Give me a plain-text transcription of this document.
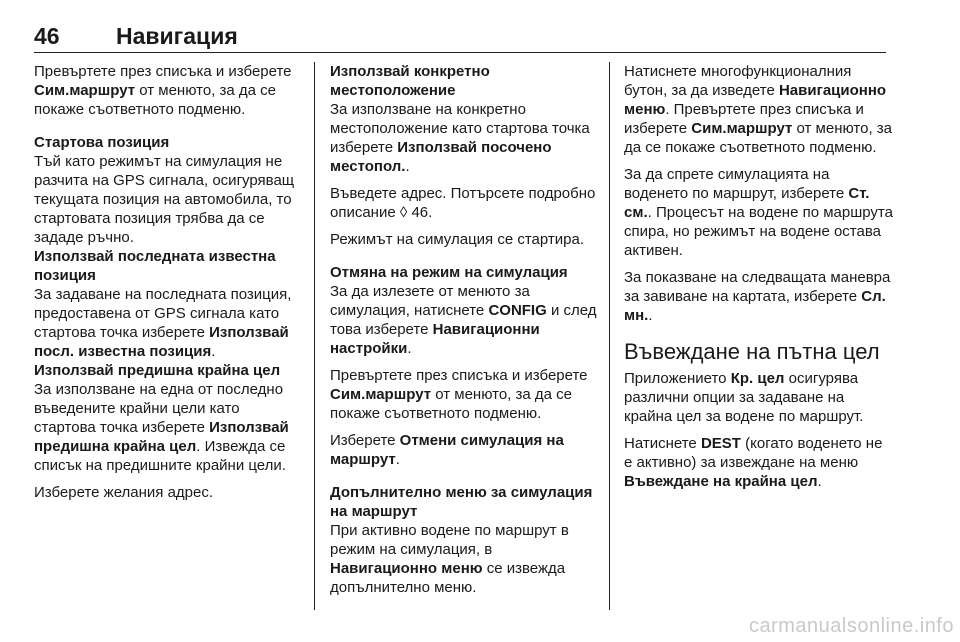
46 Навигация

Превъртете през списъка и изберете Сим.маршрут от менюто, за да се покаже съответното подменю.

Стартова позиция

Тъй като режимът на симулация не разчита на GPS сигнала, осигуряващ текущата позиция на автомобила, то стартовата позиция трябва да се зададе ръчно.

Използвай последната известна позиция

За задаване на последната позиция, предоставена от GPS сигнала като стартова точка изберете Използвай посл. известна позиция.

Използвай предишна крайна цел

За използване на една от последно въведените крайни цели като стартова точка изберете Използвай предишна крайна цел. Извежда се списък на предишните крайни цели.

Изберете желания адрес.

Използвай конкретно местоположение

За използване на конкретно местоположение като стартова точка изберете Използвай посочено местопол..

Въведете адрес. Потърсете подробно описание ◊ 46.

Режимът на симулация се стартира.

Отмяна на режим на симулация

За да излезете от менюто за симулация, натиснете CONFIG и след това изберете Навигационни настройки.

Превъртете през списъка и изберете Сим.маршрут от менюто, за да се покаже съответното подменю.

Изберете Отмени симулация на маршрут.

Допълнително меню за симулация на маршрут

При активно водене по маршрут в режим на симулация, в Навигационно меню се извежда допълнително меню.

Натиснете многофункционалния бутон, за да изведете Навигационно меню. Превъртете през списъка и изберете Сим.маршрут от менюто, за да се покаже съответното подменю.

За да спрете симулацията на воденето по маршрут, изберете Ст. см.. Процесът на водене по маршрута спира, но режимът на водене остава активен.

За показване на следващата маневра за завиване на картата, изберете Сл. мн..

Въвеждане на пътна цел

Приложението Кр. цел осигурява различни опции за задаване на крайна цел за водене по маршрут.

Натиснете DEST (когато воденето не е активно) за извеждане на меню Въвеждане на крайна цел.

carmanualsonline.info
